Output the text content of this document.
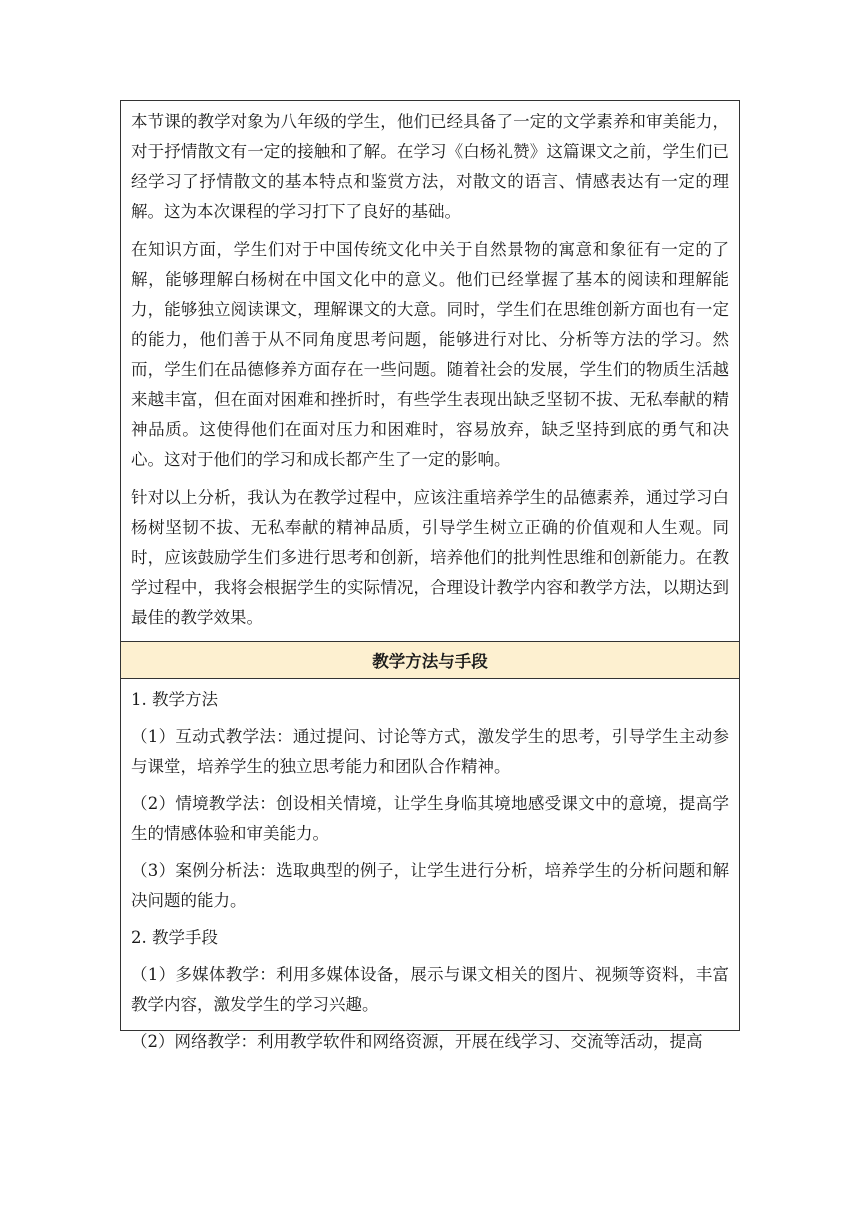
本节课的教学对象为八年级的学生，他们已经具备了一定的文学素养和审美能力，对于抒情散文有一定的接触和了解。在学习《白杨礼赞》这篇课文之前，学生们已经学习了抒情散文的基本特点和鉴赏方法，对散文的语言、情感表达有一定的理解。这为本次课程的学习打下了良好的基础。

在知识方面，学生们对于中国传统文化中关于自然景物的寓意和象征有一定的了解，能够理解白杨树在中国文化中的意义。他们已经掌握了基本的阅读和理解能力，能够独立阅读课文，理解课文的大意。同时，学生们在思维创新方面也有一定的能力，他们善于从不同角度思考问题，能够进行对比、分析等方法的学习。然而，学生们在品德修养方面存在一些问题。随着社会的发展，学生们的物质生活越来越丰富，但在面对困难和挫折时，有些学生表现出缺乏坚韧不拔、无私奉献的精神品质。这使得他们在面对压力和困难时，容易放弃，缺乏坚持到底的勇气和决心。这对于他们的学习和成长都产生了一定的影响。

针对以上分析，我认为在教学过程中，应该注重培养学生的品德素养，通过学习白杨树坚韧不拔、无私奉献的精神品质，引导学生树立正确的价值观和人生观。同时，应该鼓励学生们多进行思考和创新，培养他们的批判性思维和创新能力。在教学过程中，我将会根据学生的实际情况，合理设计教学内容和教学方法，以期达到最佳的教学效果。

教学方法与手段

1. 教学方法

（1）互动式教学法：通过提问、讨论等方式，激发学生的思考，引导学生主动参与课堂，培养学生的独立思考能力和团队合作精神。

（2）情境教学法：创设相关情境，让学生身临其境地感受课文中的意境，提高学生的情感体验和审美能力。

（3）案例分析法：选取典型的例子，让学生进行分析，培养学生的分析问题和解决问题的能力。

2. 教学手段

（1）多媒体教学：利用多媒体设备，展示与课文相关的图片、视频等资料，丰富教学内容，激发学生的学习兴趣。

（2）网络教学：利用教学软件和网络资源，开展在线学习、交流等活动，提高
